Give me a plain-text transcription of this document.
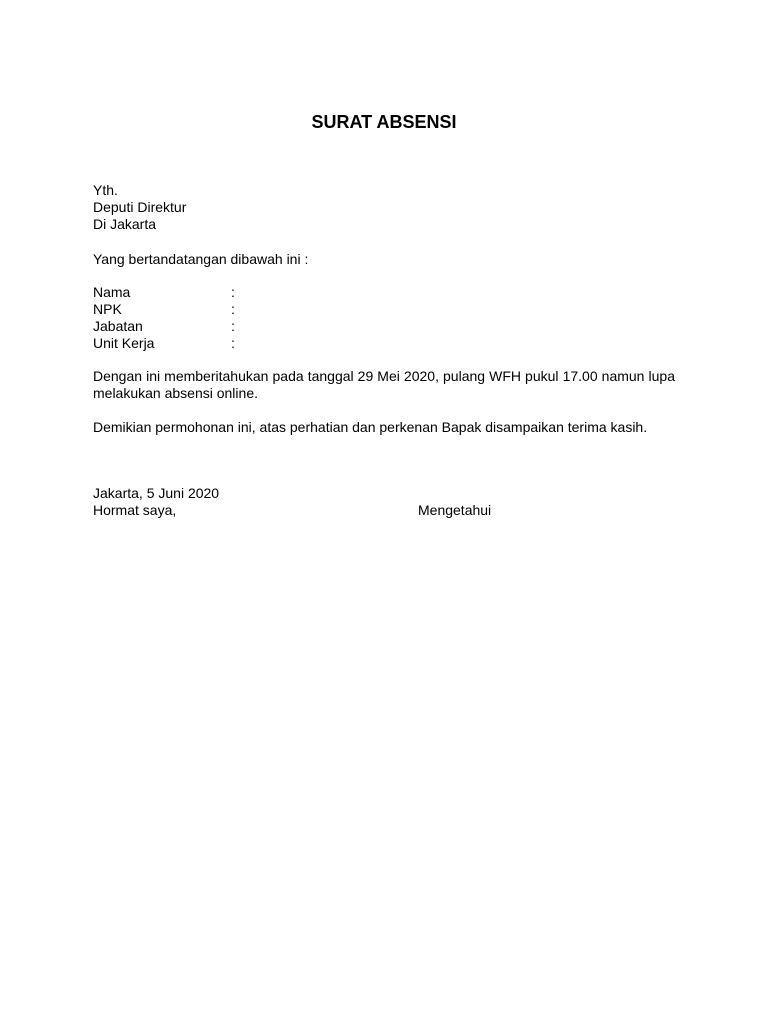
SURAT ABSENSI
Yth.
Deputi Direktur
Di Jakarta
Yang bertandatangan dibawah ini :
Nama	:
NPK	:
Jabatan	:
Unit Kerja	:
Dengan ini memberitahukan pada tanggal 29 Mei 2020, pulang WFH pukul 17.00 namun lupa melakukan absensi online.
Demikian permohonan ini, atas perhatian dan perkenan Bapak disampaikan terima kasih.
Jakarta, 5 Juni 2020
Hormat saya,	Mengetahui
